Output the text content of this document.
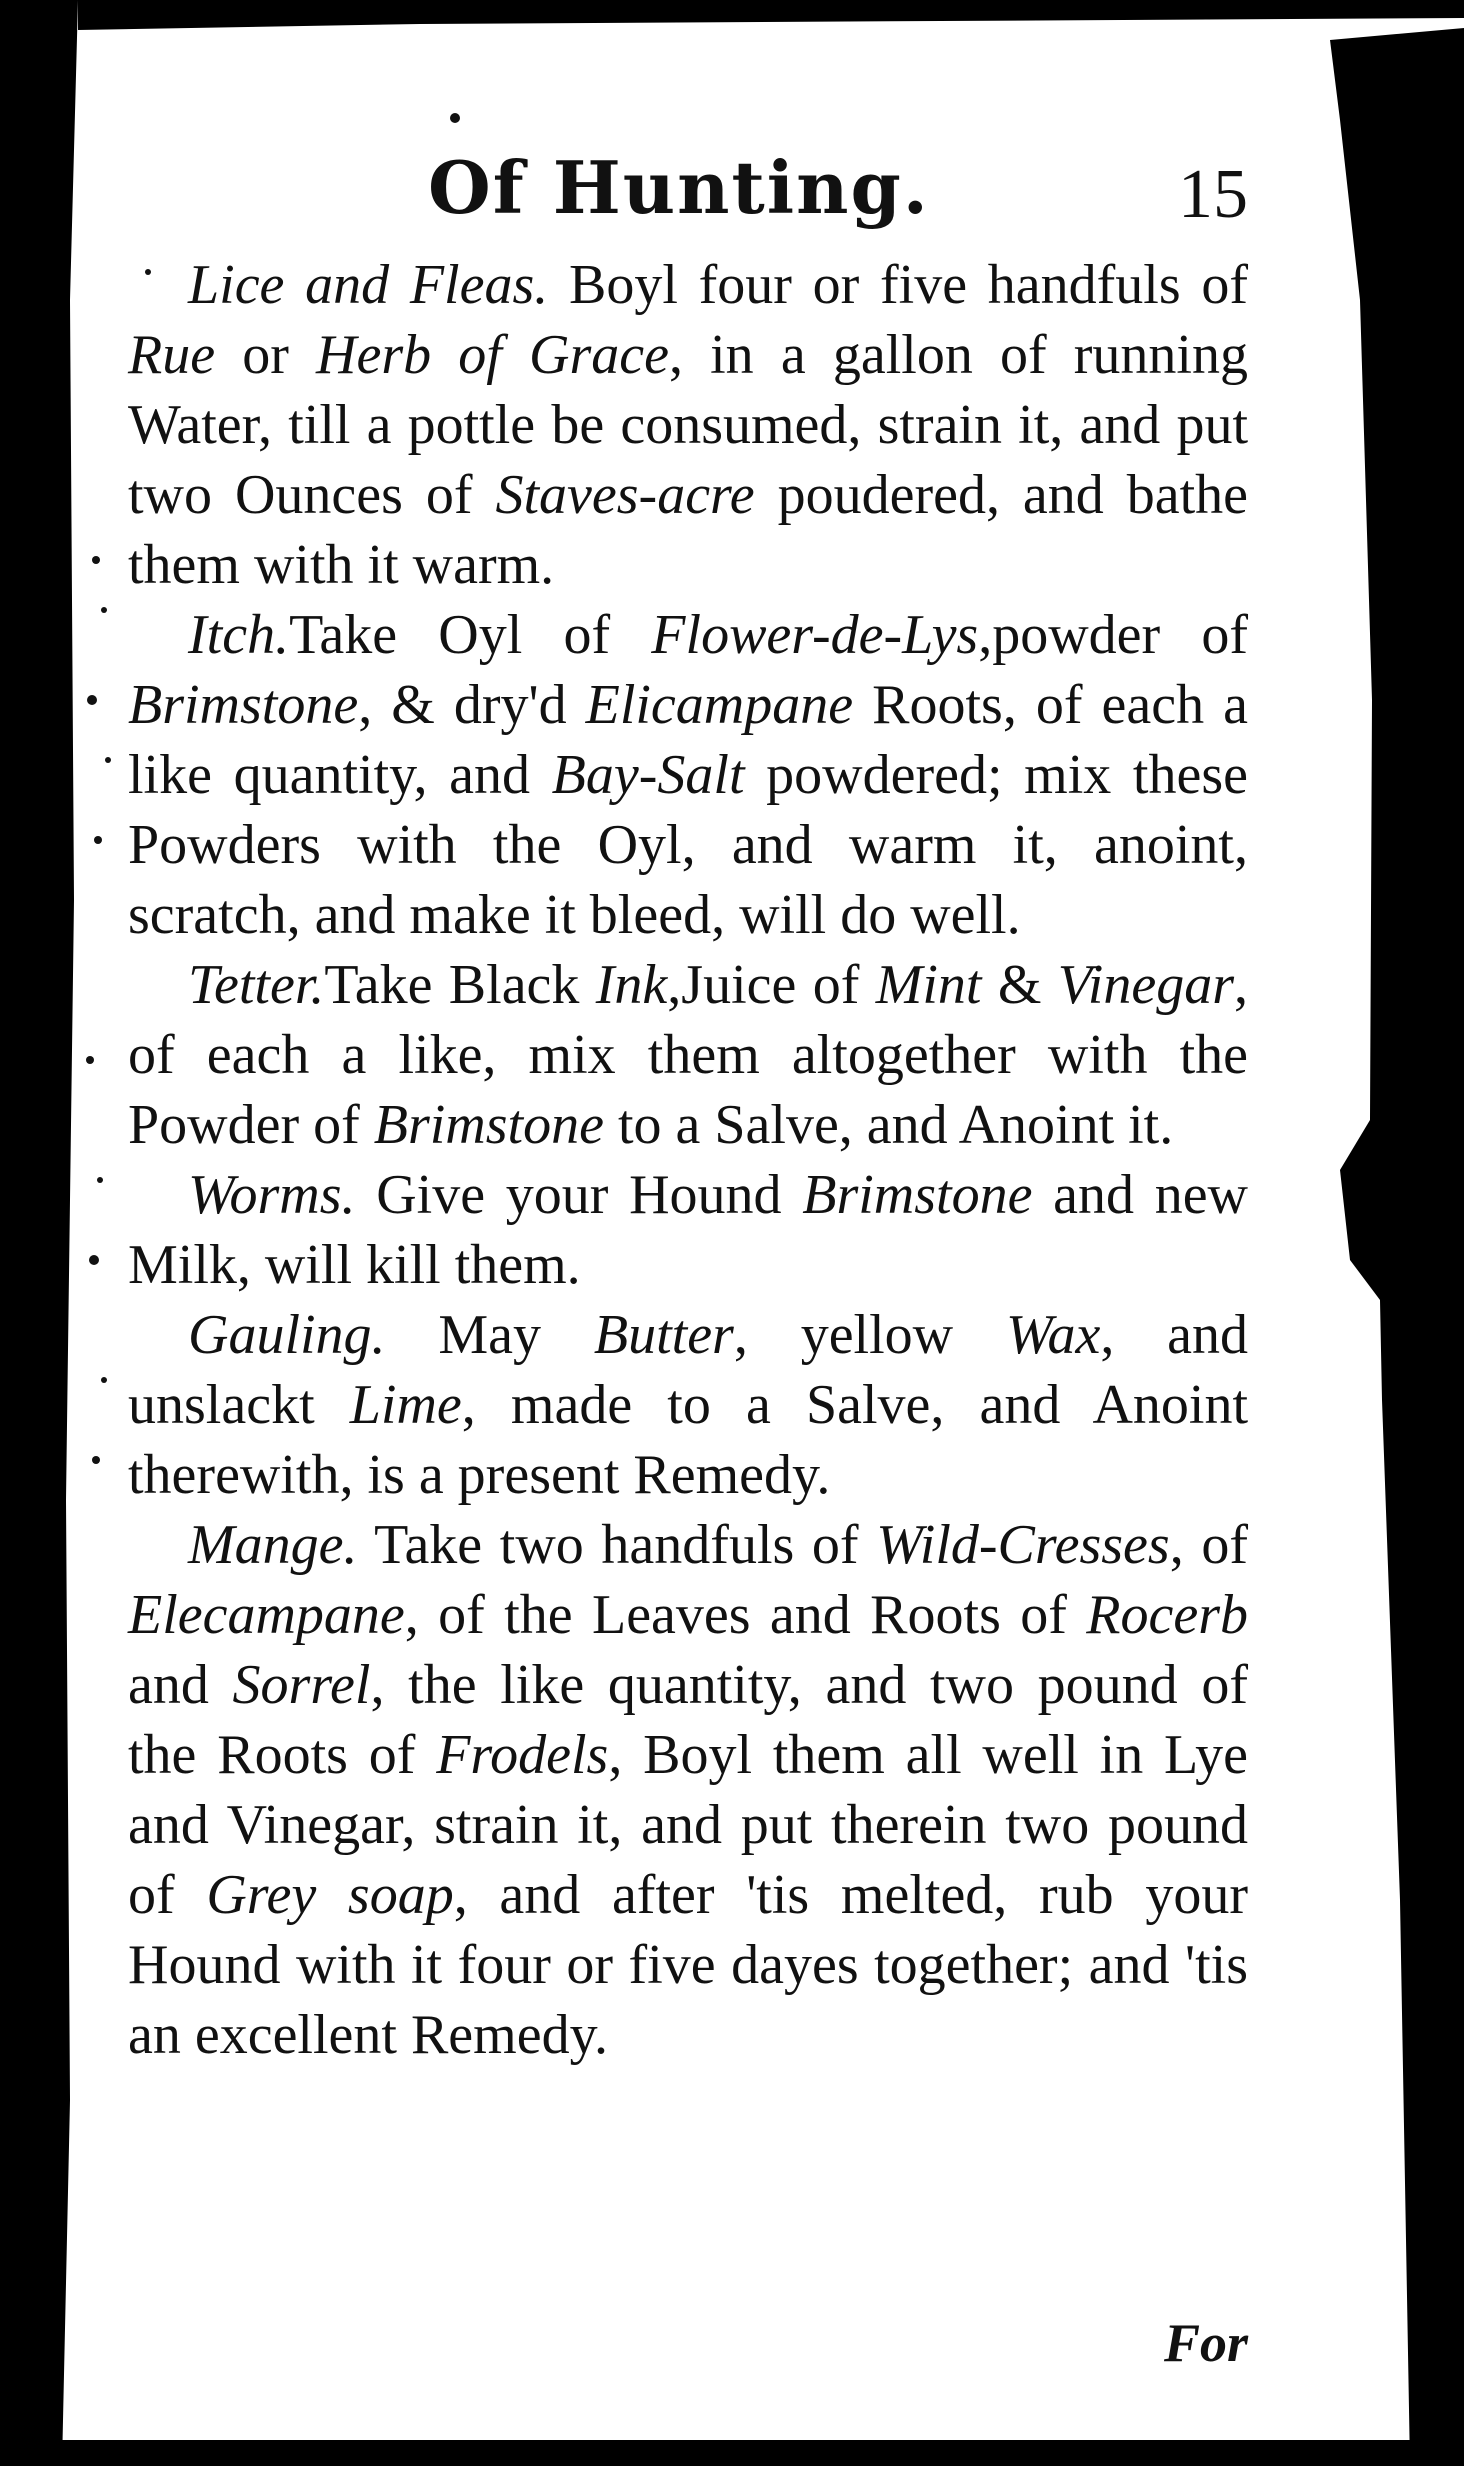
Of Hunting.	15

Lice and Fleas. Boyl four or five handfuls of Rue or Herb of Grace, in a gallon of running Water, till a pottle be consumed, strain it, and put two Ounces of Staves-acre poudered, and bathe them with it warm.

Itch.Take Oyl of Flower-de-Lys,powder of Brimstone, & dry'd Elicampane Roots, of each a like quantity, and Bay-Salt powdered; mix these Powders with the Oyl, and warm it, anoint, scratch, and make it bleed, will do well.

Tetter.Take Black Ink,Juice of Mint & Vinegar, of each a like, mix them altogether with the Powder of Brimstone to a Salve, and Anoint it.

Worms. Give your Hound Brimstone and new Milk, will kill them.

Gauling. May Butter, yellow Wax, and unslackt Lime, made to a Salve, and Anoint therewith, is a present Remedy.

Mange. Take two handfuls of Wild-Cresses, of Elecampane, of the Leaves and Roots of Rocerb and Sorrel, the like quantity, and two pound of the Roots of Frodels, Boyl them all well in Lye and Vinegar, strain it, and put therein two pound of Grey soap, and after 'tis melted, rub your Hound with it four or five dayes together; and 'tis an excellent Remedy.

For
